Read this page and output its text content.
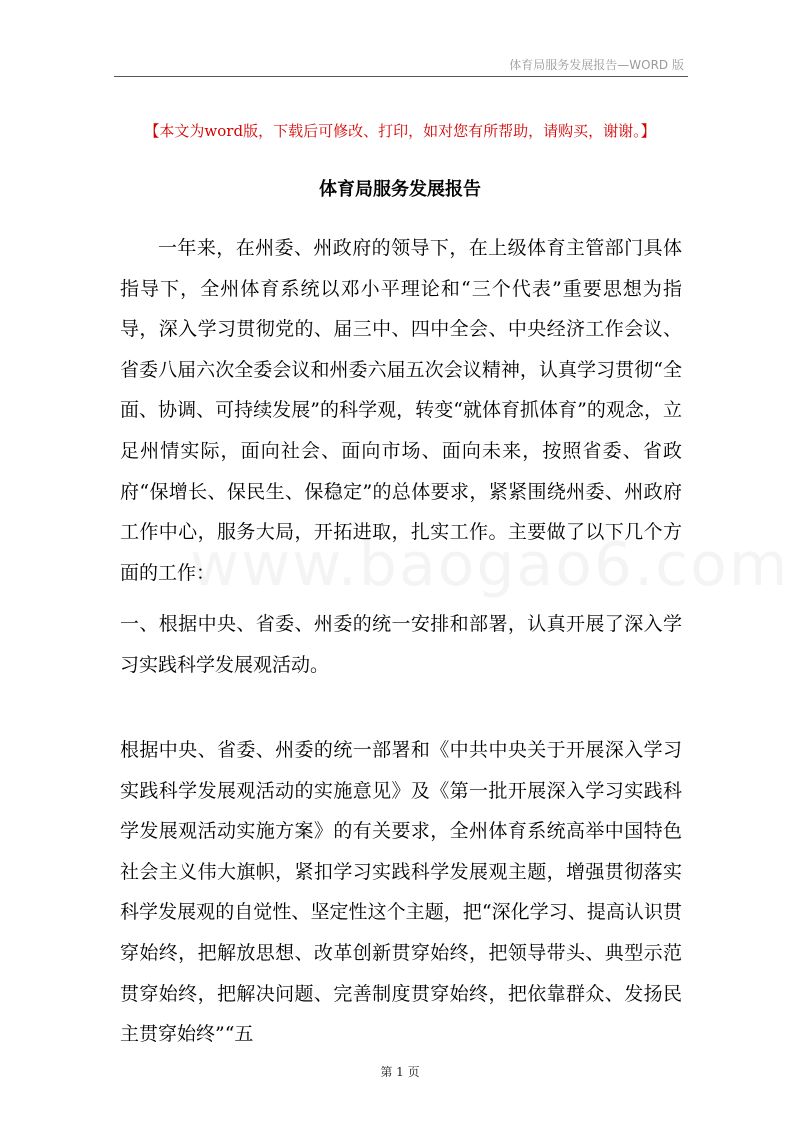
体育局服务发展报告—WORD 版
【本文为word版，下载后可修改、打印，如对您有所帮助，请购买，谢谢。】
体育局服务发展报告

一年来，在州委、州政府的领导下，在上级体育主管部门具体指导下，全州体育系统以邓小平理论和“三个代表”重要思想为指导，深入学习贯彻党的、届三中、四中全会、中央经济工作会议、省委八届六次全委会议和州委六届五次会议精神，认真学习贯彻“全面、协调、可持续发展”的科学观，转变“就体育抓体育”的观念，立足州情实际，面向社会、面向市场、面向未来，按照省委、省政府“保增长、保民生、保稳定”的总体要求，紧紧围绕州委、州政府工作中心，服务大局，开拓进取，扎实工作。主要做了以下几个方面的工作：

一、根据中央、省委、州委的统一安排和部署，认真开展了深入学习实践科学发展观活动。

根据中央、省委、州委的统一部署和《中共中央关于开展深入学习实践科学发展观活动的实施意见》及《第一批开展深入学习实践科学发展观活动实施方案》的有关要求，全州体育系统高举中国特色社会主义伟大旗帜，紧扣学习实践科学发展观主题，增强贯彻落实科学发展观的自觉性、坚定性这个主题，把“深化学习、提高认识贯穿始终，把解放思想、改革创新贯穿始终，把领导带头、典型示范贯穿始终，把解决问题、完善制度贯穿始终，把依靠群众、发扬民主贯穿始终”“五

第 1 页
